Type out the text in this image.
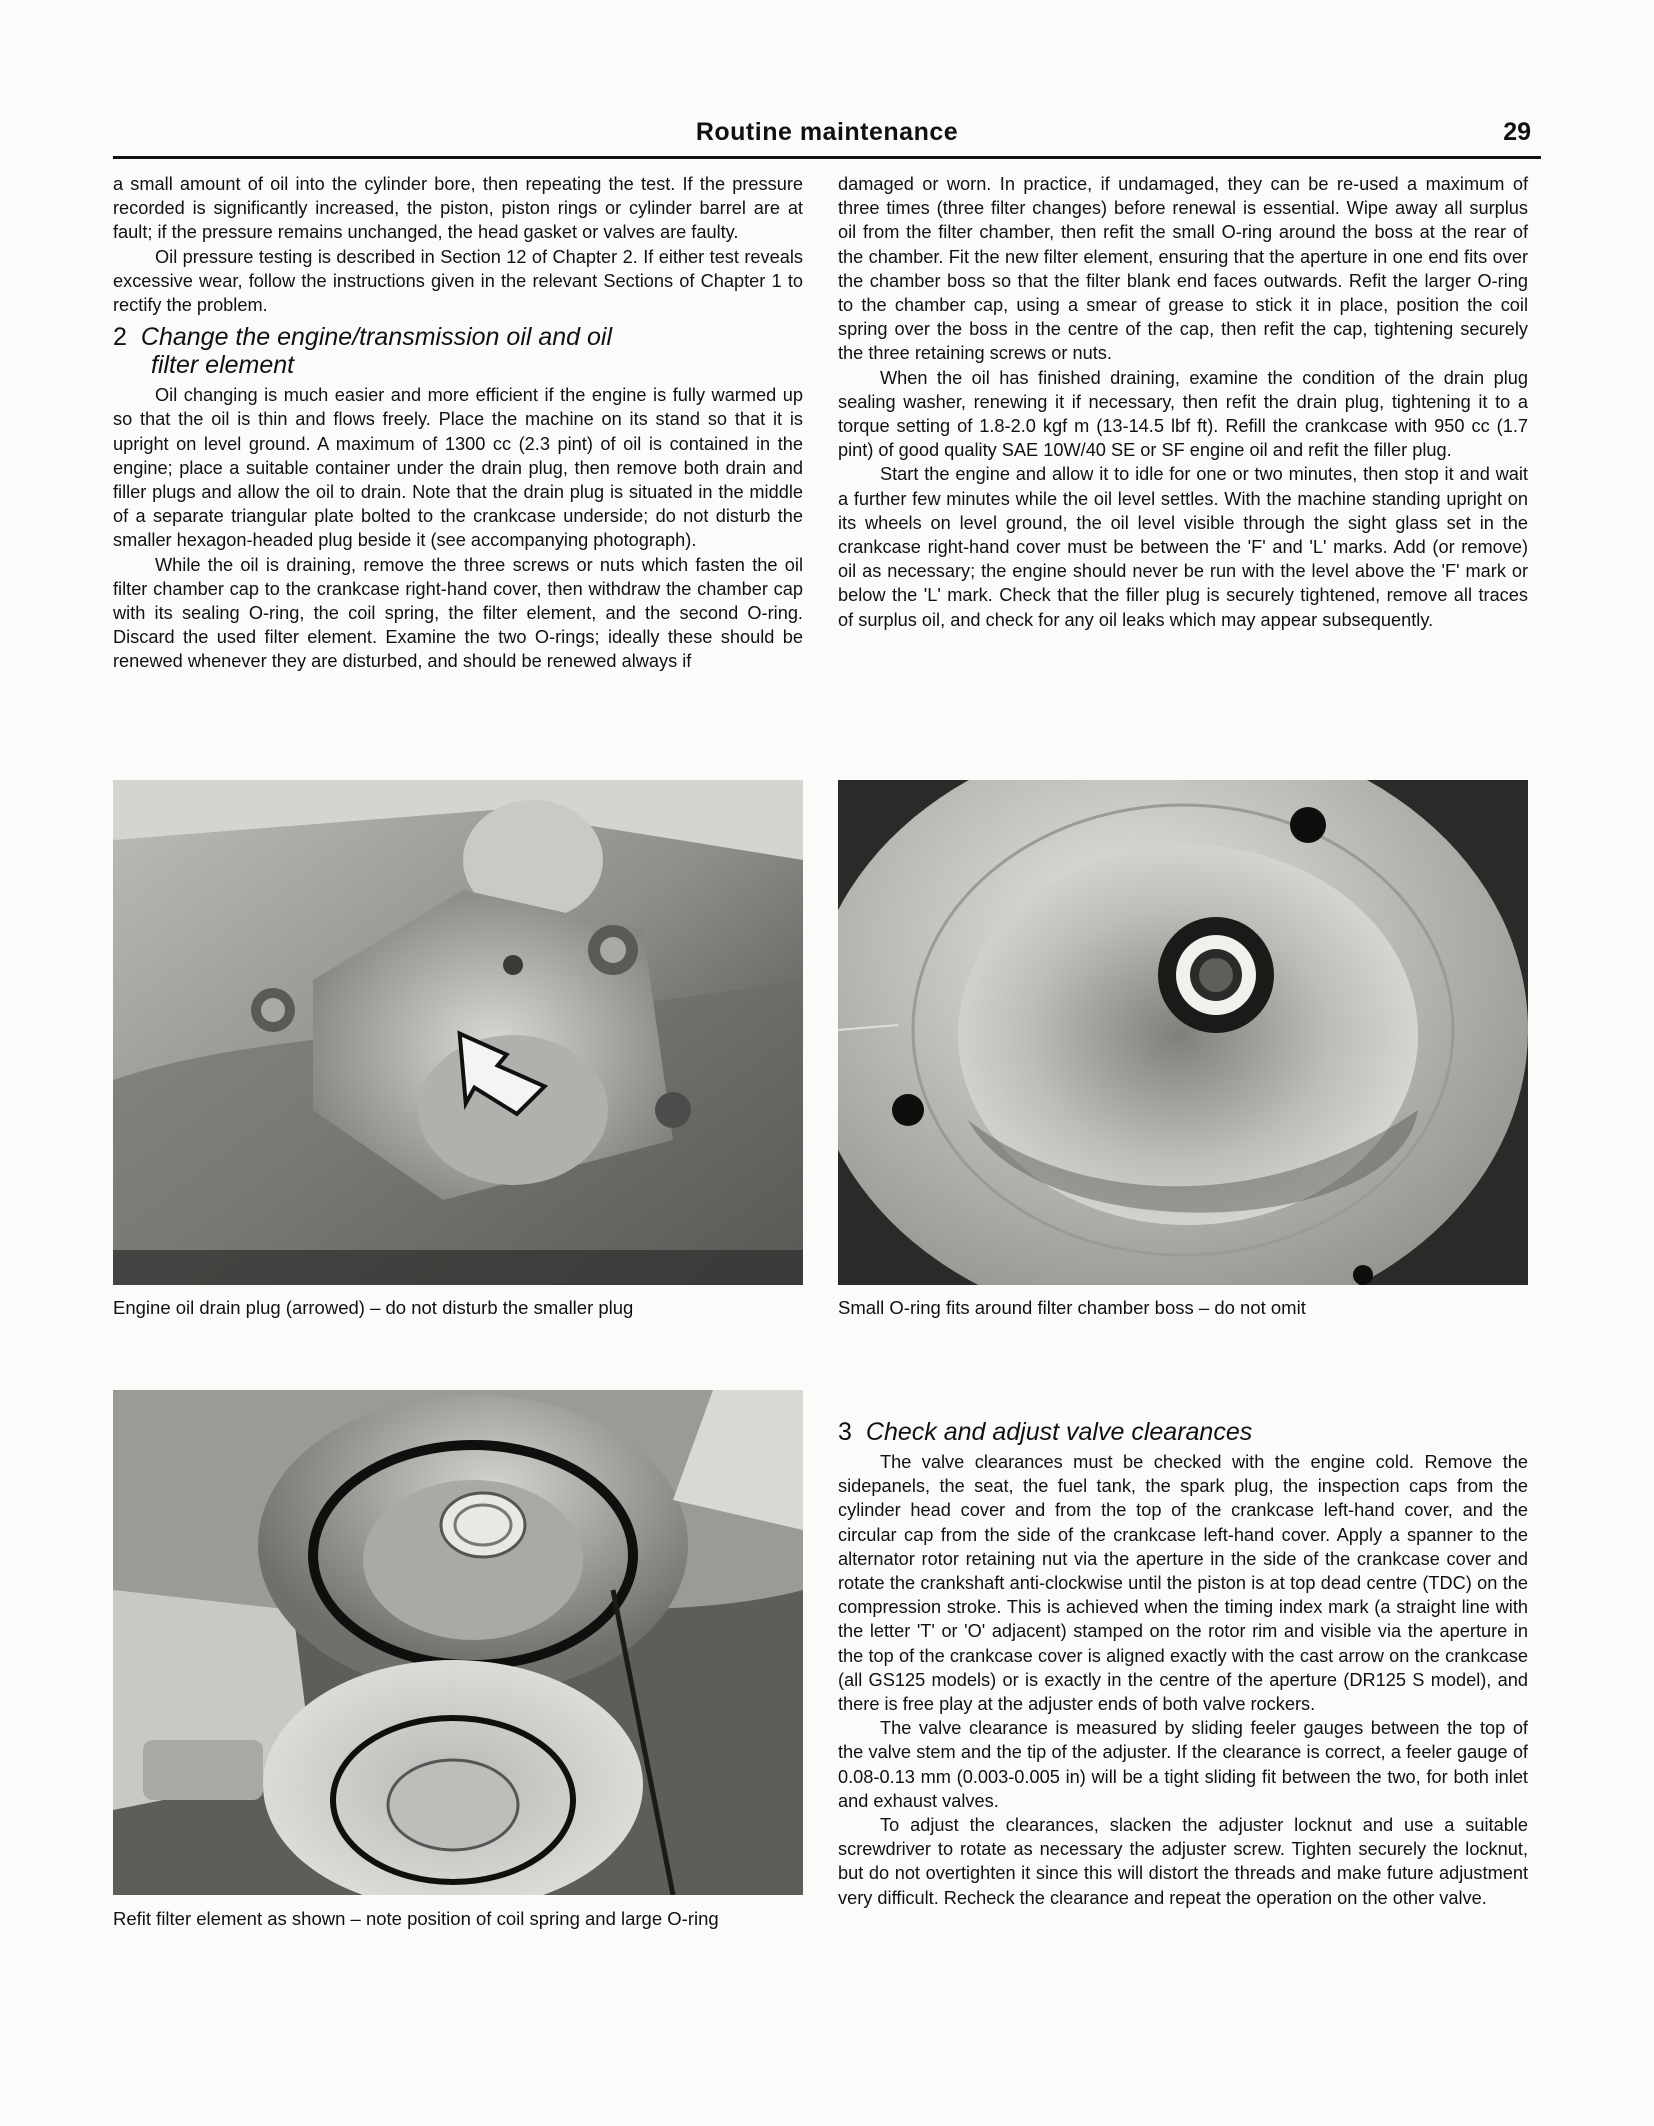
Routine maintenance	29

a small amount of oil into the cylinder bore, then repeating the test. If the pressure recorded is significantly increased, the piston, piston rings or cylinder barrel are at fault; if the pressure remains unchanged, the head gasket or valves are faulty.

Oil pressure testing is described in Section 12 of Chapter 2. If either test reveals excessive wear, follow the instructions given in the relevant Sections of Chapter 1 to rectify the problem.

2 Change the engine/transmission oil and oil
filter element

Oil changing is much easier and more efficient if the engine is fully warmed up so that the oil is thin and flows freely. Place the machine on its stand so that it is upright on level ground. A maximum of 1300 cc (2.3 pint) of oil is contained in the engine; place a suitable container under the drain plug, then remove both drain and filler plugs and allow the oil to drain. Note that the drain plug is situated in the middle of a separate triangular plate bolted to the crankcase underside; do not disturb the smaller hexagon-headed plug beside it (see accompanying photograph).

While the oil is draining, remove the three screws or nuts which fasten the oil filter chamber cap to the crankcase right-hand cover, then withdraw the chamber cap with its sealing O-ring, the coil spring, the filter element, and the second O-ring. Discard the used filter element. Examine the two O-rings; ideally these should be renewed whenever they are disturbed, and should be renewed always if

damaged or worn. In practice, if undamaged, they can be re-used a maximum of three times (three filter changes) before renewal is essential. Wipe away all surplus oil from the filter chamber, then refit the small O-ring around the boss at the rear of the chamber. Fit the new filter element, ensuring that the aperture in one end fits over the chamber boss so that the filter blank end faces outwards. Refit the larger O-ring to the chamber cap, using a smear of grease to stick it in place, position the coil spring over the boss in the centre of the cap, then refit the cap, tightening securely the three retaining screws or nuts.

When the oil has finished draining, examine the condition of the drain plug sealing washer, renewing it if necessary, then refit the drain plug, tightening it to a torque setting of 1.8-2.0 kgf m (13-14.5 lbf ft). Refill the crankcase with 950 cc (1.7 pint) of good quality SAE 10W/40 SE or SF engine oil and refit the filler plug.

Start the engine and allow it to idle for one or two minutes, then stop it and wait a further few minutes while the oil level settles. With the machine standing upright on its wheels on level ground, the oil level visible through the sight glass set in the crankcase right-hand cover must be between the 'F' and 'L' marks. Add (or remove) oil as necessary; the engine should never be run with the level above the 'F' mark or below the 'L' mark. Check that the filler plug is securely tightened, remove all traces of surplus oil, and check for any oil leaks which may appear subsequently.

Engine oil drain plug (arrowed) – do not disturb the smaller plug	Small O-ring fits around filter chamber boss – do not omit
Refit filter element as shown – note position of coil spring and large O-ring
3 Check and adjust valve clearances

The valve clearances must be checked with the engine cold. Remove the sidepanels, the seat, the fuel tank, the spark plug, the inspection caps from the cylinder head cover and from the top of the crankcase left-hand cover, and the circular cap from the side of the crankcase left-hand cover. Apply a spanner to the alternator rotor retaining nut via the aperture in the side of the crankcase cover and rotate the crankshaft anti-clockwise until the piston is at top dead centre (TDC) on the compression stroke. This is achieved when the timing index mark (a straight line with the letter 'T' or 'O' adjacent) stamped on the rotor rim and visible via the aperture in the top of the crankcase cover is aligned exactly with the cast arrow on the crankcase (all GS125 models) or is exactly in the centre of the aperture (DR125 S model), and there is free play at the adjuster ends of both valve rockers.

The valve clearance is measured by sliding feeler gauges between the top of the valve stem and the tip of the adjuster. If the clearance is correct, a feeler gauge of 0.08-0.13 mm (0.003-0.005 in) will be a tight sliding fit between the two, for both inlet and exhaust valves.

To adjust the clearances, slacken the adjuster locknut and use a suitable screwdriver to rotate as necessary the adjuster screw. Tighten securely the locknut, but do not overtighten it since this will distort the threads and make future adjustment very difficult. Recheck the clearance and repeat the operation on the other valve.
